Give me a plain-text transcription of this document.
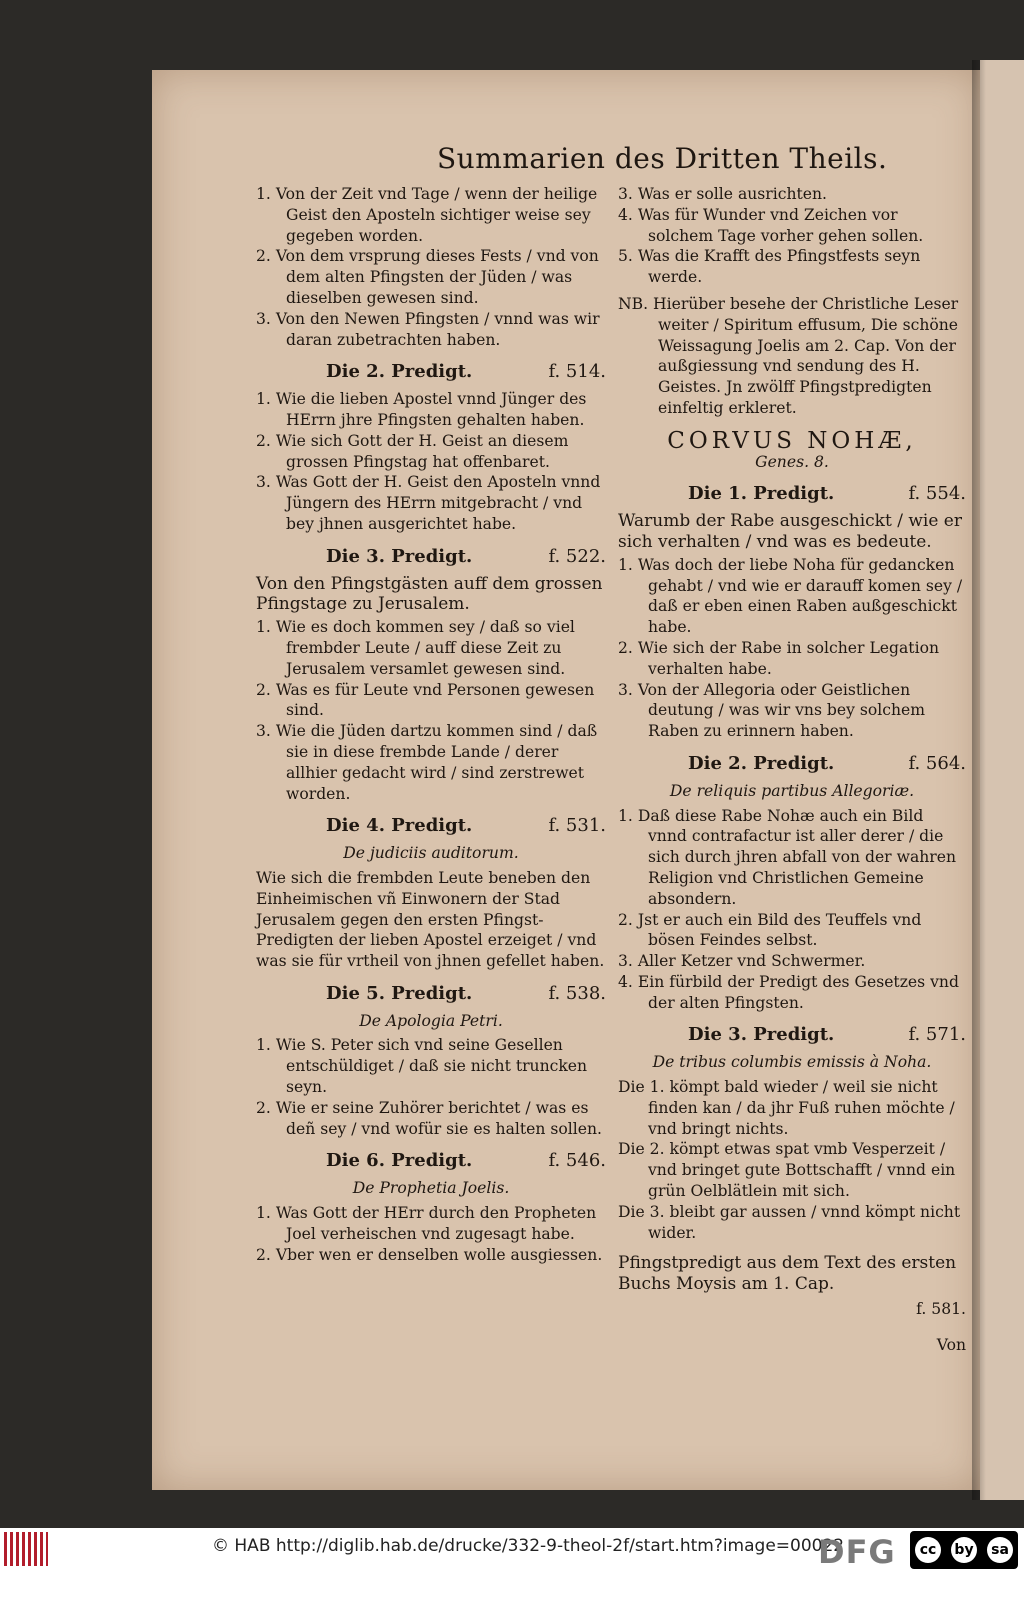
Summarien des Dritten Theils.

1. Von der Zeit vnd Tage / wenn der heilige Geist den Aposteln sichtiger weise sey gegeben worden.

2. Von dem vrsprung dieses Fests / vnd von dem alten Pfingsten der Jüden / was dieselben gewesen sind.

3. Von den Newen Pfingsten / vnnd was wir daran zubetrachten haben.

Die 2. Predigt.	f. 514.

1. Wie die lieben Apostel vnnd Jünger des HErrn jhre Pfingsten gehalten haben.

2. Wie sich Gott der H. Geist an diesem grossen Pfingstag hat offenbaret.

3. Was Gott der H. Geist den Aposteln vnnd Jüngern des HErrn mitgebracht / vnd bey jhnen ausgerichtet habe.

Die 3. Predigt.	f. 522.

Von den Pfingstgästen auff dem grossen Pfingstage zu Jerusalem.

1. Wie es doch kommen sey / daß so viel frembder Leute / auff diese Zeit zu Jerusalem versamlet gewesen sind.

2. Was es für Leute vnd Personen gewesen sind.

3. Wie die Jüden dartzu kommen sind / daß sie in diese frembde Lande / derer allhier gedacht wird / sind zerstrewet worden.

Die 4. Predigt.	f. 531.

De judiciis auditorum.

Wie sich die frembden Leute beneben den Einheimischen vñ Einwonern der Stad Jerusalem gegen den ersten Pfingst-Predigten der lieben Apostel erzeiget / vnd was sie für vrtheil von jhnen gefellet haben.

Die 5. Predigt.	f. 538.

De Apologia Petri.

1. Wie S. Peter sich vnd seine Gesellen entschüldiget / daß sie nicht truncken seyn.

2. Wie er seine Zuhörer berichtet / was es deñ sey / vnd wofür sie es halten sollen.

Die 6. Predigt.	f. 546.

De Prophetia Joelis.

1. Was Gott der HErr durch den Propheten Joel verheischen vnd zugesagt habe.

2. Vber wen er denselben wolle ausgiessen.

3. Was er solle ausrichten.

4. Was für Wunder vnd Zeichen vor solchem Tage vorher gehen sollen.

5. Was die Krafft des Pfingstfests seyn werde.

NB. Hierüber besehe der Christliche Leser weiter / Spiritum effusum, Die schöne Weissagung Joelis am 2. Cap. Von der außgiessung vnd sendung des H. Geistes. Jn zwölff Pfingstpredigten einfeltig erkleret.

CORVUS NOHÆ,

Genes. 8.

Die 1. Predigt.	f. 554.

Warumb der Rabe ausgeschickt / wie er sich verhalten / vnd was es bedeute.

1. Was doch der liebe Noha für gedancken gehabt / vnd wie er darauff komen sey / daß er eben einen Raben außgeschickt habe.

2. Wie sich der Rabe in solcher Legation verhalten habe.

3. Von der Allegoria oder Geistlichen deutung / was wir vns bey solchem Raben zu erinnern haben.

Die 2. Predigt.	f. 564.

De reliquis partibus Allegoriæ.

1. Daß diese Rabe Nohæ auch ein Bild vnnd contrafactur ist aller derer / die sich durch jhren abfall von der wahren Religion vnd Christlichen Gemeine absondern.

2. Jst er auch ein Bild des Teuffels vnd bösen Feindes selbst.

3. Aller Ketzer vnd Schwermer.

4. Ein fürbild der Predigt des Gesetzes vnd der alten Pfingsten.

Die 3. Predigt.	f. 571.

De tribus columbis emissis à Noha.

Die 1. kömpt bald wieder / weil sie nicht finden kan / da jhr Fuß ruhen möchte / vnd bringt nichts.

Die 2. kömpt etwas spat vmb Vesperzeit / vnd bringet gute Bottschafft / vnnd ein grün Oelblätlein mit sich.

Die 3. bleibt gar aussen / vnnd kömpt nicht wider.

Pfingstpredigt aus dem Text des ersten Buchs Moysis am 1. Cap.

f. 581.

Von

© HAB http://diglib.hab.de/drucke/332-9-theol-2f/start.htm?image=00022
DFG	cc	by sa
